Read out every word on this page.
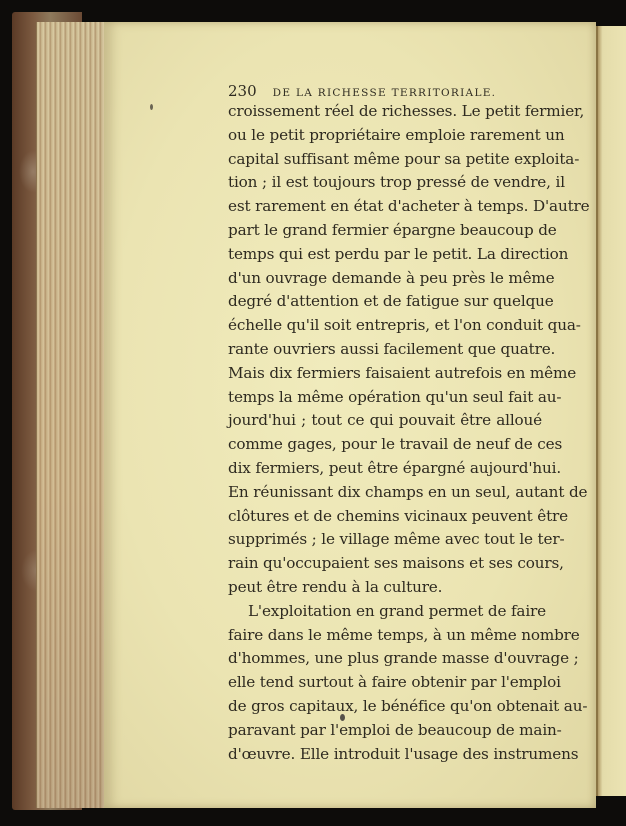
230 DE LA RICHESSE TERRITORIALE.
croissement réel de richesses. Le petit fermier,
ou le petit propriétaire emploie rarement un
capital suffisant même pour sa petite exploita-
tion ; il est toujours trop pressé de vendre, il
est rarement en état d'acheter à temps. D'autre
part le grand fermier épargne beaucoup de
temps qui est perdu par le petit. La direction
d'un ouvrage demande à peu près le même
degré d'attention et de fatigue sur quelque
échelle qu'il soit entrepris, et l'on conduit qua-
rante ouvriers aussi facilement que quatre.
Mais dix fermiers faisaient autrefois en même
temps la même opération qu'un seul fait au-
jourd'hui ; tout ce qui pouvait être alloué
comme gages, pour le travail de neuf de ces
dix fermiers, peut être épargné aujourd'hui.
En réunissant dix champs en un seul, autant de
clôtures et de chemins vicinaux peuvent être
supprimés ; le village même avec tout le ter-
rain qu'occupaient ses maisons et ses cours,
peut être rendu à la culture.
L'exploitation en grand permet de faire
faire dans le même temps, à un même nombre
d'hommes, une plus grande masse d'ouvrage ;
elle tend surtout à faire obtenir par l'emploi
de gros capitaux, le bénéfice qu'on obtenait au-
paravant par l'emploi de beaucoup de main-
d'œuvre. Elle introduit l'usage des instrumens
